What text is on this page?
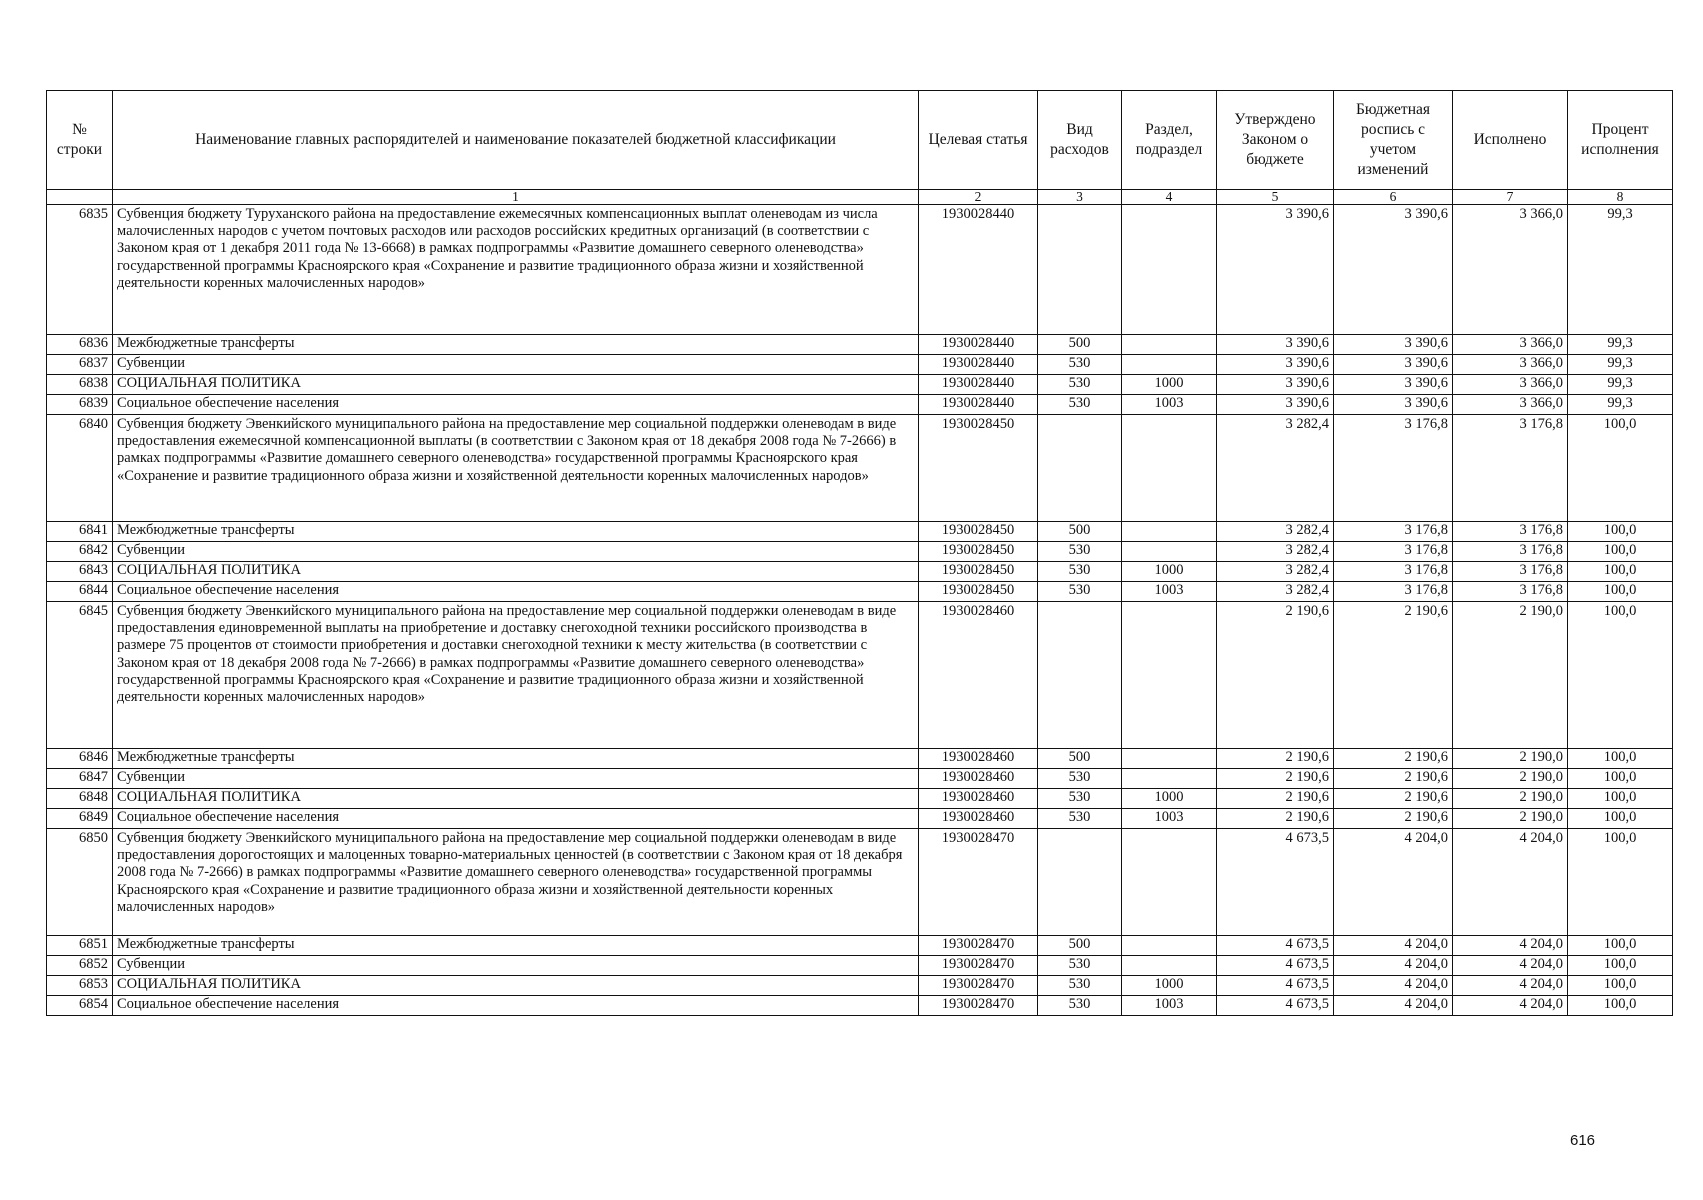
№ строки	Наименование главных распорядителей и наименование показателей бюджетной классификации	Целевая статья	Вид расходов	Раздел, подраздел	Утверждено Законом о бюджете	Бюджетная роспись с учетом изменений	Исполнено	Процент исполнения
	1	2	3	4	5	6	7	8
6835	Субвенция бюджету Туруханского района на предоставление ежемесячных компенсационных выплат оленеводам из числа малочисленных народов с учетом почтовых расходов или расходов российских кредитных организаций (в соответствии с Законом края от 1 декабря 2011 года № 13-6668) в рамках подпрограммы «Развитие домашнего северного оленеводства» государственной программы Красноярского края «Сохранение и развитие традиционного образа жизни и хозяйственной деятельности коренных малочисленных народов»	1930028440			3 390,6	3 390,6	3 366,0	99,3
6836	Межбюджетные трансферты	1930028440	500		3 390,6	3 390,6	3 366,0	99,3
6837	Субвенции	1930028440	530		3 390,6	3 390,6	3 366,0	99,3
6838	СОЦИАЛЬНАЯ ПОЛИТИКА	1930028440	530	1000	3 390,6	3 390,6	3 366,0	99,3
6839	Социальное обеспечение населения	1930028440	530	1003	3 390,6	3 390,6	3 366,0	99,3
6840	Субвенция бюджету Эвенкийского муниципального района на предоставление мер социальной поддержки оленеводам в виде предоставления ежемесячной компенсационной выплаты (в соответствии с Законом края от 18 декабря 2008 года № 7-2666) в рамках подпрограммы «Развитие домашнего северного оленеводства» государственной программы Красноярского края «Сохранение и развитие традиционного образа жизни и хозяйственной деятельности коренных малочисленных народов»	1930028450			3 282,4	3 176,8	3 176,8	100,0
6841	Межбюджетные трансферты	1930028450	500		3 282,4	3 176,8	3 176,8	100,0
6842	Субвенции	1930028450	530		3 282,4	3 176,8	3 176,8	100,0
6843	СОЦИАЛЬНАЯ ПОЛИТИКА	1930028450	530	1000	3 282,4	3 176,8	3 176,8	100,0
6844	Социальное обеспечение населения	1930028450	530	1003	3 282,4	3 176,8	3 176,8	100,0
6845	Субвенция бюджету Эвенкийского муниципального района на предоставление мер социальной поддержки оленеводам в виде предоставления единовременной выплаты на приобретение и доставку снегоходной техники российского производства в размере 75 процентов от стоимости приобретения и доставки снегоходной техники к месту жительства (в соответствии с Законом края от 18 декабря 2008 года № 7-2666) в рамках подпрограммы «Развитие домашнего северного оленеводства» государственной программы Красноярского края «Сохранение и развитие традиционного образа жизни и хозяйственной деятельности коренных малочисленных народов»	1930028460			2 190,6	2 190,6	2 190,0	100,0
6846	Межбюджетные трансферты	1930028460	500		2 190,6	2 190,6	2 190,0	100,0
6847	Субвенции	1930028460	530		2 190,6	2 190,6	2 190,0	100,0
6848	СОЦИАЛЬНАЯ ПОЛИТИКА	1930028460	530	1000	2 190,6	2 190,6	2 190,0	100,0
6849	Социальное обеспечение населения	1930028460	530	1003	2 190,6	2 190,6	2 190,0	100,0
6850	Субвенция бюджету Эвенкийского муниципального района на предоставление мер социальной поддержки оленеводам в виде предоставления дорогостоящих и малоценных товарно-материальных ценностей (в соответствии с Законом края от 18 декабря 2008 года № 7-2666) в рамках подпрограммы «Развитие домашнего северного оленеводства» государственной программы Красноярского края «Сохранение и развитие традиционного образа жизни и хозяйственной деятельности коренных малочисленных народов»	1930028470			4 673,5	4 204,0	4 204,0	100,0
6851	Межбюджетные трансферты	1930028470	500		4 673,5	4 204,0	4 204,0	100,0
6852	Субвенции	1930028470	530		4 673,5	4 204,0	4 204,0	100,0
6853	СОЦИАЛЬНАЯ ПОЛИТИКА	1930028470	530	1000	4 673,5	4 204,0	4 204,0	100,0
6854	Социальное обеспечение населения	1930028470	530	1003	4 673,5	4 204,0	4 204,0	100,0
616
